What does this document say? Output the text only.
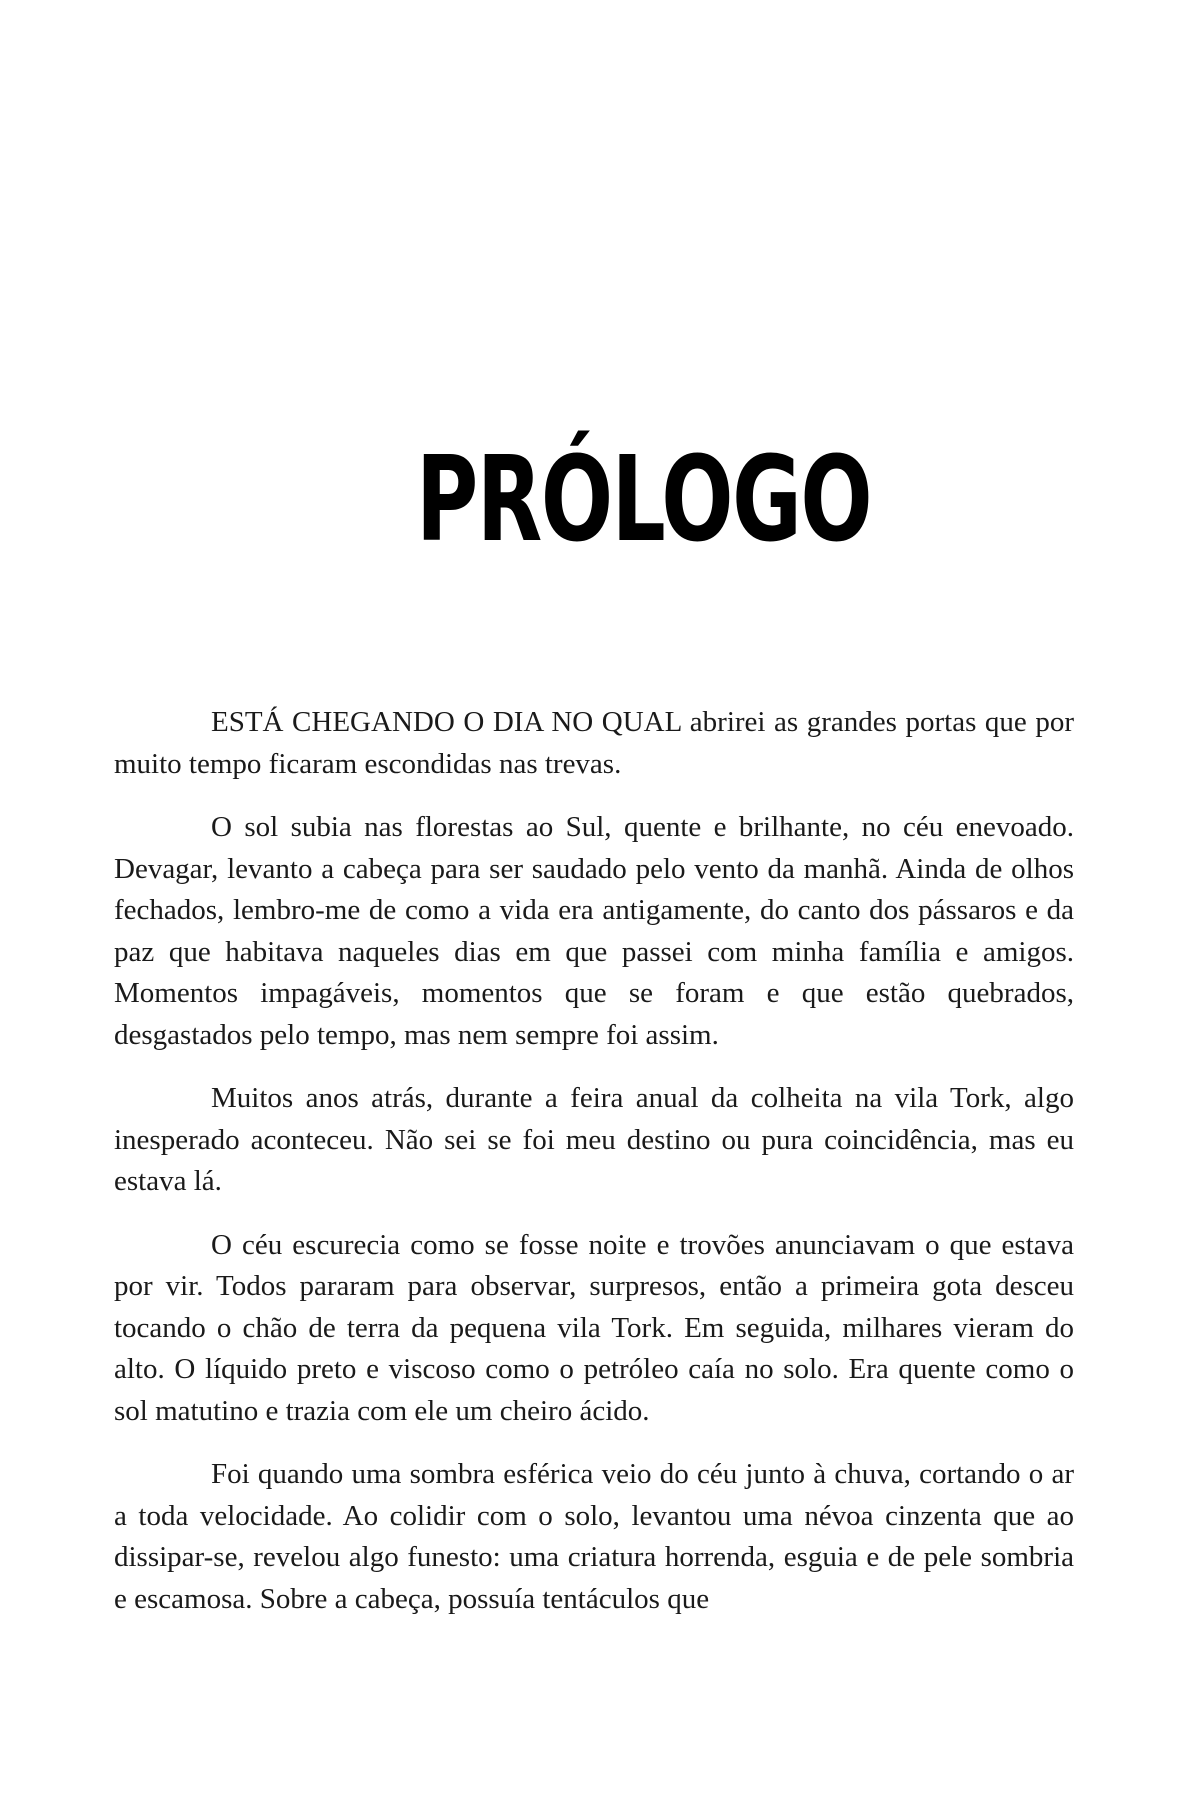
PRÓLOGO

ESTÁ CHEGANDO O DIA NO QUAL abrirei as grandes portas que por muito tempo ficaram escondidas nas trevas.

O sol subia nas florestas ao Sul, quente e brilhante, no céu enevoado. Devagar, levanto a cabeça para ser saudado pelo vento da manhã. Ainda de olhos fechados, lembro-me de como a vida era antigamente, do canto dos pássaros e da paz que habitava naqueles dias em que passei com minha família e amigos. Momentos impagáveis, momentos que se foram e que estão quebrados, desgastados pelo tempo, mas nem sempre foi assim.

Muitos anos atrás, durante a feira anual da colheita na vila Tork, algo inesperado aconteceu. Não sei se foi meu destino ou pura coincidência, mas eu estava lá.

O céu escurecia como se fosse noite e trovões anunciavam o que estava por vir. Todos pararam para observar, surpresos, então a primeira gota desceu tocando o chão de terra da pequena vila Tork. Em seguida, milhares vieram do alto. O líquido preto e viscoso como o petróleo caía no solo. Era quente como o sol matutino e trazia com ele um cheiro ácido.

Foi quando uma sombra esférica veio do céu junto à chuva, cortando o ar a toda velocidade. Ao colidir com o solo, levantou uma névoa cinzenta que ao dissipar-se, revelou algo funesto: uma criatura horrenda, esguia e de pele sombria e escamosa. Sobre a cabeça, possuía tentáculos que
